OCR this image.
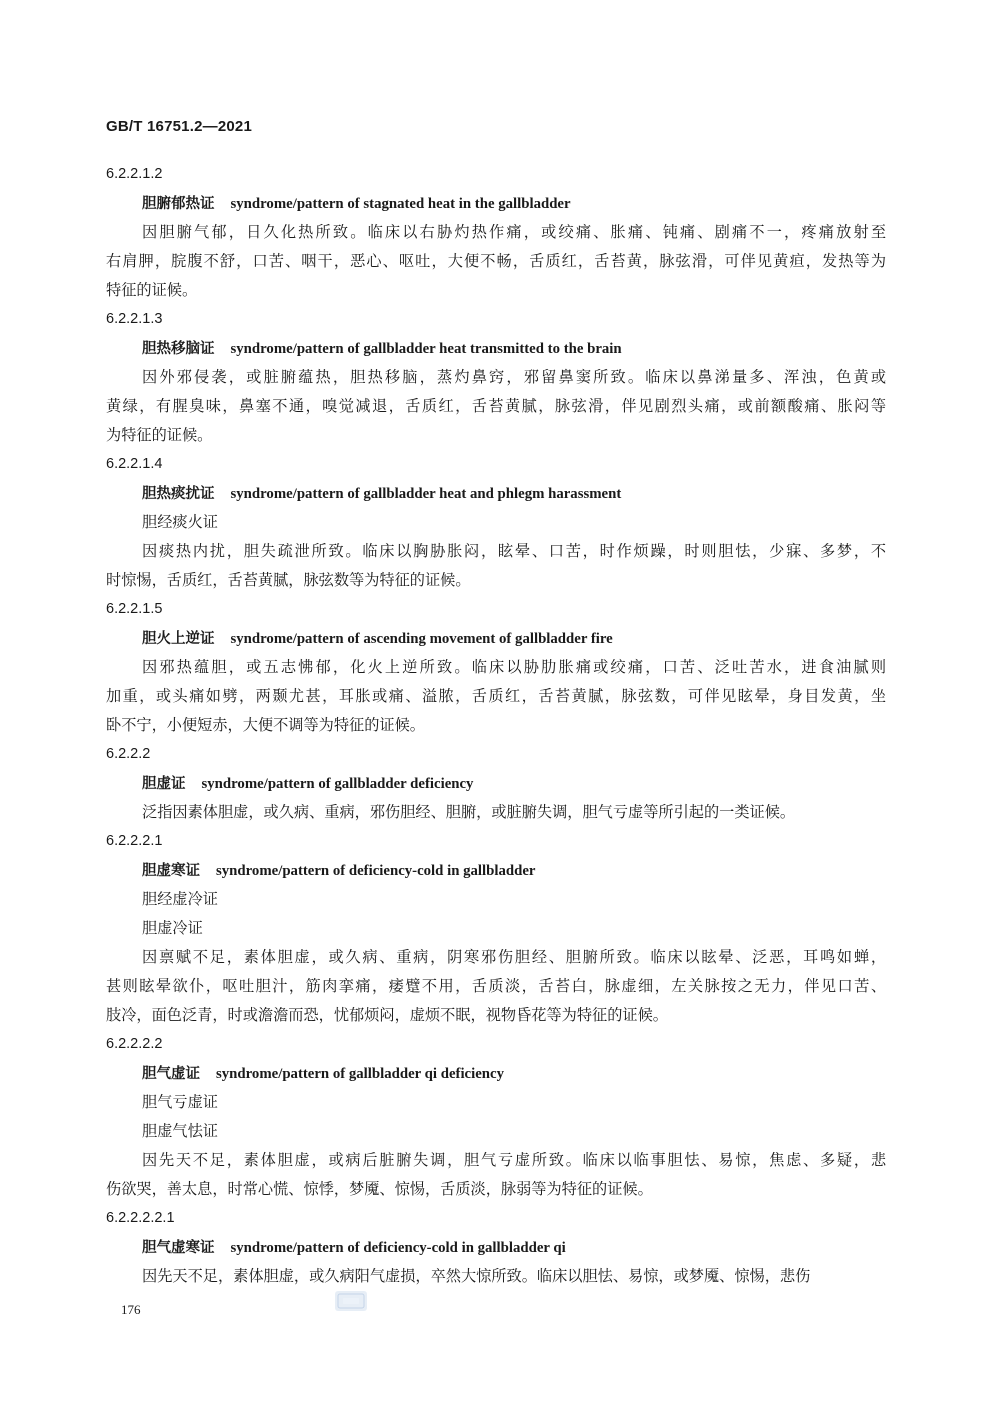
GB/T 16751.2—2021
6.2.2.1.2
胆腑郁热证 syndrome/pattern of stagnated heat in the gallbladder
因胆腑气郁，日久化热所致。临床以右胁灼热作痛，或绞痛、胀痛、钝痛、剧痛不一，疼痛放射至
右肩胛，脘腹不舒，口苦、咽干，恶心、呕吐，大便不畅，舌质红，舌苔黄，脉弦滑，可伴见黄疸，发热等为
特征的证候。
6.2.2.1.3
胆热移脑证 syndrome/pattern of gallbladder heat transmitted to the brain
因外邪侵袭，或脏腑蕴热，胆热移脑，蒸灼鼻窍，邪留鼻窦所致。临床以鼻涕量多、浑浊，色黄或
黄绿，有腥臭味，鼻塞不通，嗅觉减退，舌质红，舌苔黄腻，脉弦滑，伴见剧烈头痛，或前额酸痛、胀闷等
为特征的证候。
6.2.2.1.4
胆热痰扰证 syndrome/pattern of gallbladder heat and phlegm harassment
胆经痰火证
因痰热内扰，胆失疏泄所致。临床以胸胁胀闷，眩晕、口苦，时作烦躁，时则胆怯，少寐、多梦，不
时惊惕，舌质红，舌苔黄腻，脉弦数等为特征的证候。
6.2.2.1.5
胆火上逆证 syndrome/pattern of ascending movement of gallbladder fire
因邪热蕴胆，或五志怫郁，化火上逆所致。临床以胁肋胀痛或绞痛，口苦、泛吐苦水，进食油腻则
加重，或头痛如劈，两颞尤甚，耳胀或痛、溢脓，舌质红，舌苔黄腻，脉弦数，可伴见眩晕，身目发黄，坐
卧不宁，小便短赤，大便不调等为特征的证候。
6.2.2.2
胆虚证 syndrome/pattern of gallbladder deficiency
泛指因素体胆虚，或久病、重病，邪伤胆经、胆腑，或脏腑失调，胆气亏虚等所引起的一类证候。
6.2.2.2.1
胆虚寒证 syndrome/pattern of deficiency-cold in gallbladder
胆经虚冷证
胆虚冷证
因禀赋不足，素体胆虚，或久病、重病，阴寒邪伤胆经、胆腑所致。临床以眩晕、泛恶，耳鸣如蝉，
甚则眩晕欲仆，呕吐胆汁，筋肉挛痛，痿躄不用，舌质淡，舌苔白，脉虚细，左关脉按之无力，伴见口苦、
肢冷，面色泛青，时或澹澹而恐，忧郁烦闷，虚烦不眠，视物昏花等为特征的证候。
6.2.2.2.2
胆气虚证 syndrome/pattern of gallbladder qi deficiency
胆气亏虚证
胆虚气怯证
因先天不足，素体胆虚，或病后脏腑失调，胆气亏虚所致。临床以临事胆怯、易惊，焦虑、多疑，悲
伤欲哭，善太息，时常心慌、惊悸，梦魇、惊惕，舌质淡，脉弱等为特征的证候。
6.2.2.2.2.1
胆气虚寒证 syndrome/pattern of deficiency-cold in gallbladder qi
因先天不足，素体胆虚，或久病阳气虚损，卒然大惊所致。临床以胆怯、易惊，或梦魇、惊惕，悲伤
176
